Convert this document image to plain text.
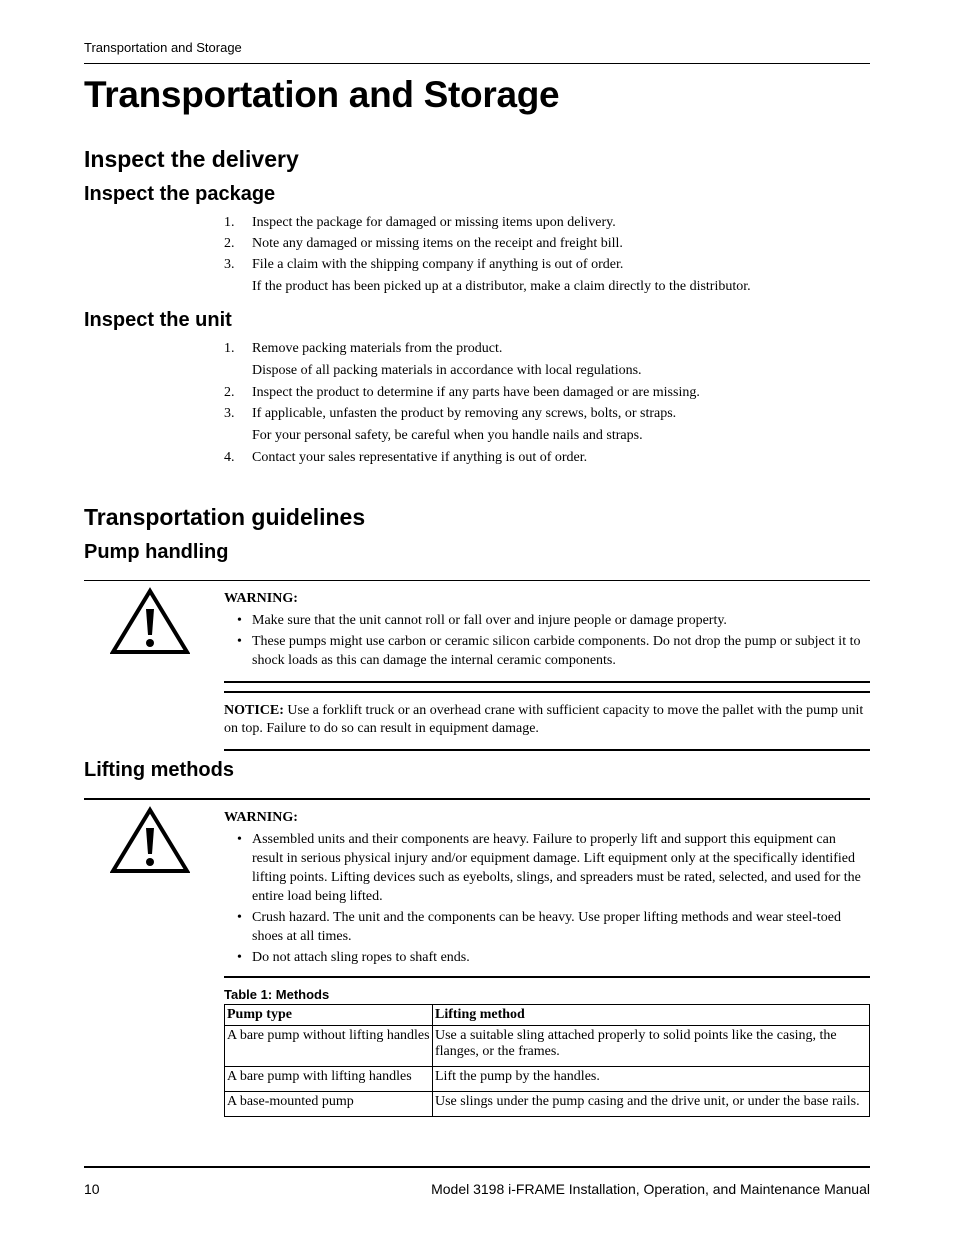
Transportation and Storage
Transportation and Storage
Inspect the delivery
Inspect the package
1. Inspect the package for damaged or missing items upon delivery.
2. Note any damaged or missing items on the receipt and freight bill.
3. File a claim with the shipping company if anything is out of order.
If the product has been picked up at a distributor, make a claim directly to the distributor.
Inspect the unit
1. Remove packing materials from the product.
Dispose of all packing materials in accordance with local regulations.
2. Inspect the product to determine if any parts have been damaged or are missing.
3. If applicable, unfasten the product by removing any screws, bolts, or straps.
For your personal safety, be careful when you handle nails and straps.
4. Contact your sales representative if anything is out of order.
Transportation guidelines
Pump handling
WARNING:
• Make sure that the unit cannot roll or fall over and injure people or damage property.
• These pumps might use carbon or ceramic silicon carbide components. Do not drop the pump or subject it to shock loads as this can damage the internal ceramic components.
NOTICE: Use a forklift truck or an overhead crane with sufficient capacity to move the pallet with the pump unit on top. Failure to do so can result in equipment damage.
Lifting methods
WARNING:
• Assembled units and their components are heavy. Failure to properly lift and support this equipment can result in serious physical injury and/or equipment damage. Lift equipment only at the specifically identified lifting points. Lifting devices such as eyebolts, slings, and spreaders must be rated, selected, and used for the entire load being lifted.
• Crush hazard. The unit and the components can be heavy. Use proper lifting methods and wear steel-toed shoes at all times.
• Do not attach sling ropes to shaft ends.
Table 1: Methods
Pump type	Lifting method
A bare pump without lifting handles	Use a suitable sling attached properly to solid points like the casing, the flanges, or the frames.
A bare pump with lifting handles	Lift the pump by the handles.
A base-mounted pump	Use slings under the pump casing and the drive unit, or under the base rails.
10	Model 3198 i-FRAME Installation, Operation, and Maintenance Manual
